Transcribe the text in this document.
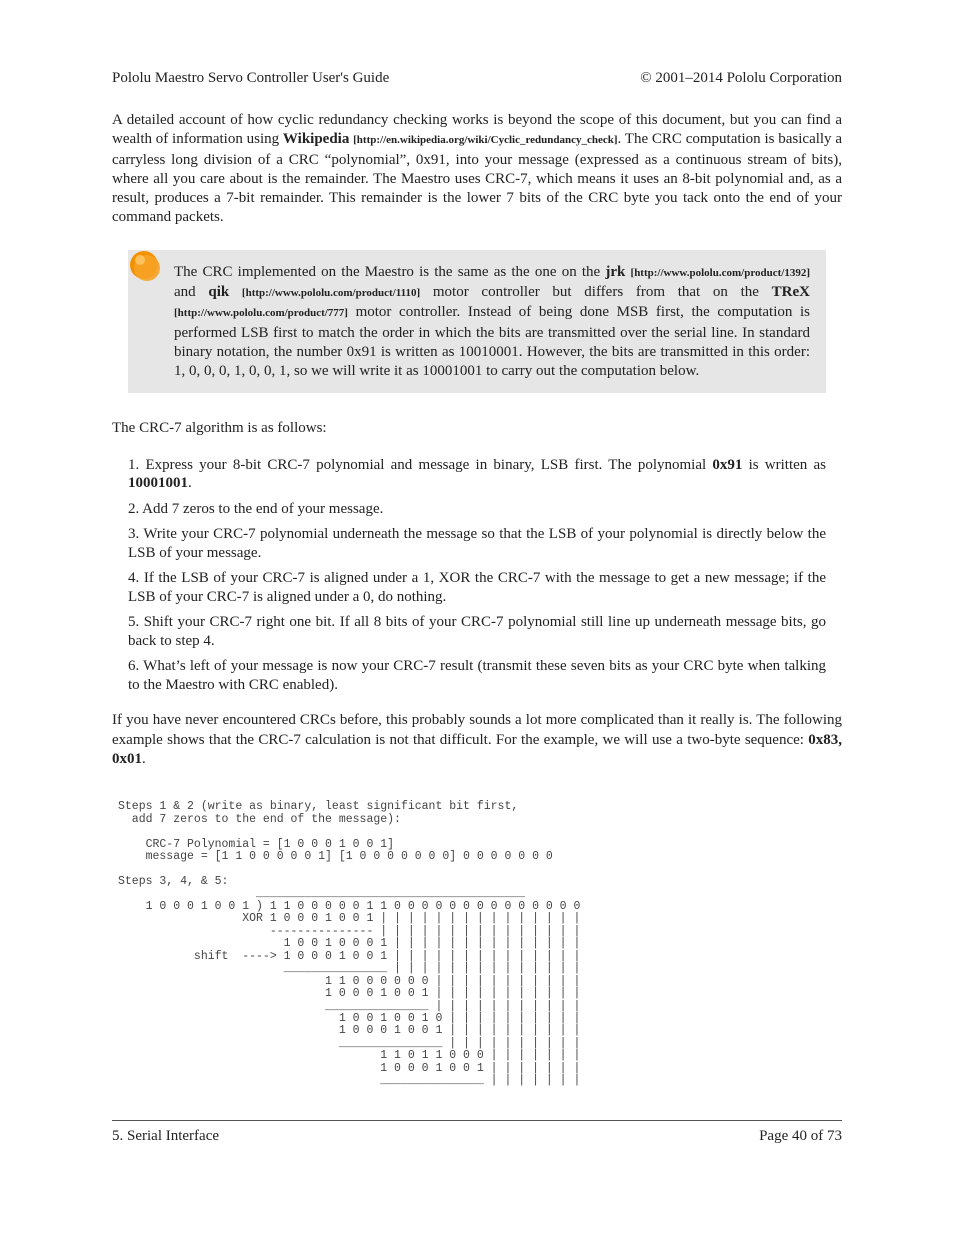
Pololu Maestro Servo Controller User's Guide	© 2001–2014 Pololu Corporation

A detailed account of how cyclic redundancy checking works is beyond the scope of this document, but you can find a wealth of information using Wikipedia [http://en.wikipedia.org/wiki/Cyclic_redundancy_check]. The CRC computation is basically a carryless long division of a CRC “polynomial”, 0x91, into your message (expressed as a continuous stream of bits), where all you care about is the remainder. The Maestro uses CRC-7, which means it uses an 8-bit polynomial and, as a result, produces a 7-bit remainder. This remainder is the lower 7 bits of the CRC byte you tack onto the end of your command packets.

The CRC implemented on the Maestro is the same as the one on the jrk [http://www.pololu.com/product/1392] and qik [http://www.pololu.com/product/1110] motor controller but differs from that on the TReX [http://www.pololu.com/product/777] motor controller. Instead of being done MSB first, the computation is performed LSB first to match the order in which the bits are transmitted over the serial line. In standard binary notation, the number 0x91 is written as 10010001. However, the bits are transmitted in this order: 1, 0, 0, 0, 1, 0, 0, 1, so we will write it as 10001001 to carry out the computation below.

The CRC-7 algorithm is as follows:

1. Express your 8-bit CRC-7 polynomial and message in binary, LSB first. The polynomial 0x91 is written as 10001001.
2. Add 7 zeros to the end of your message.
3. Write your CRC-7 polynomial underneath the message so that the LSB of your polynomial is directly below the LSB of your message.
4. If the LSB of your CRC-7 is aligned under a 1, XOR the CRC-7 with the message to get a new message; if the LSB of your CRC-7 is aligned under a 0, do nothing.
5. Shift your CRC-7 right one bit. If all 8 bits of your CRC-7 polynomial still line up underneath message bits, go back to step 4.
6. What’s left of your message is now your CRC-7 result (transmit these seven bits as your CRC byte when talking to the Maestro with CRC enabled).

If you have never encountered CRCs before, this probably sounds a lot more complicated than it really is. The following example shows that the CRC-7 calculation is not that difficult. For the example, we will use a two-byte sequence: 0x83, 0x01.

Steps 1 & 2 (write as binary, least significant bit first,
add 7 zeros to the end of the message):

CRC-7 Polynomial = [1 0 0 0 1 0 0 1]
message = [1 1 0 0 0 0 0 1] [1 0 0 0 0 0 0 0] 0 0 0 0 0 0 0

Steps 3, 4, & 5:
_______________________________________
1 0 0 0 1 0 0 1 ) 1 1 0 0 0 0 0 1 1 0 0 0 0 0 0 0 0 0 0 0 0 0 0
XOR 1 0 0 0 1 0 0 1 | | | | | | | | | | | | | | |
--------------- | | | | | | | | | | | | | | |
1 0 0 1 0 0 0 1 | | | | | | | | | | | | | |
shift  ----> 1 0 0 0 1 0 0 1 | | | | | | | | | | | | | |
_______________ | | | | | | | | | | | | | |
1 1 0 0 0 0 0 0 | | | | | | | | | | |
1 0 0 0 1 0 0 1 | | | | | | | | | | |
_______________ | | | | | | | | | | |
1 0 0 1 0 0 1 0 | | | | | | | | | |
1 0 0 0 1 0 0 1 | | | | | | | | | |
_______________ | | | | | | | | | |
1 1 0 1 1 0 0 0 | | | | | | |
1 0 0 0 1 0 0 1 | | | | | | |
_______________ | | | | | | |
5. Serial Interface	Page 40 of 73
